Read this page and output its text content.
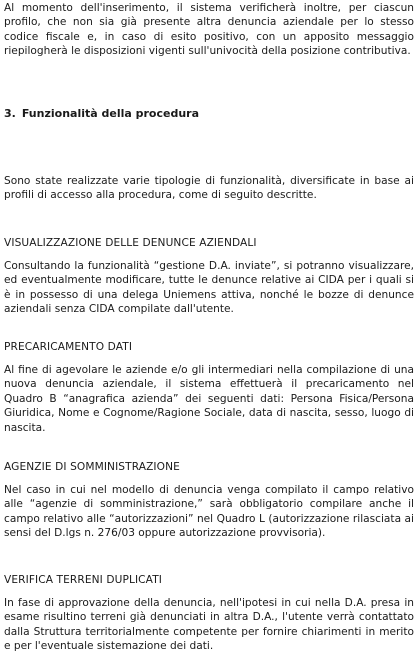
Al momento dell'inserimento, il sistema verificherà inoltre, per ciascun profilo, che non sia già presente altra denuncia aziendale per lo stesso codice fiscale e, in caso di esito positivo, con un apposito messaggio riepilogherà le disposizioni vigenti sull'univocità della posizione contributiva.

3. Funzionalità della procedura

Sono state realizzate varie tipologie di funzionalità, diversificate in base ai profili di accesso alla procedura, come di seguito descritte.

VISUALIZZAZIONE DELLE DENUNCE AZIENDALI

Consultando la funzionalità “gestione D.A. inviate”, si potranno visualizzare, ed eventualmente modificare, tutte le denunce relative ai CIDA per i quali si è in possesso di una delega Uniemens attiva, nonché le bozze di denunce aziendali senza CIDA compilate dall'utente.

PRECARICAMENTO DATI

Al fine di agevolare le aziende e/o gli intermediari nella compilazione di una nuova denuncia aziendale, il sistema effettuerà il precaricamento nel Quadro B “anagrafica azienda” dei seguenti dati: Persona Fisica/Persona Giuridica, Nome e Cognome/Ragione Sociale, data di nascita, sesso, luogo di nascita.

AGENZIE DI SOMMINISTRAZIONE

Nel caso in cui nel modello di denuncia venga compilato il campo relativo alle “agenzie di somministrazione,” sarà obbligatorio compilare anche il campo relativo alle “autorizzazioni” nel Quadro L (autorizzazione rilasciata ai sensi del D.lgs n. 276/03 oppure autorizzazione provvisoria).

VERIFICA TERRENI DUPLICATI

In fase di approvazione della denuncia, nell'ipotesi in cui nella D.A. presa in esame risultino terreni già denunciati in altra D.A., l'utente verrà contattato dalla Struttura territorialmente competente per fornire chiarimenti in merito e per l'eventuale sistemazione dei dati.
